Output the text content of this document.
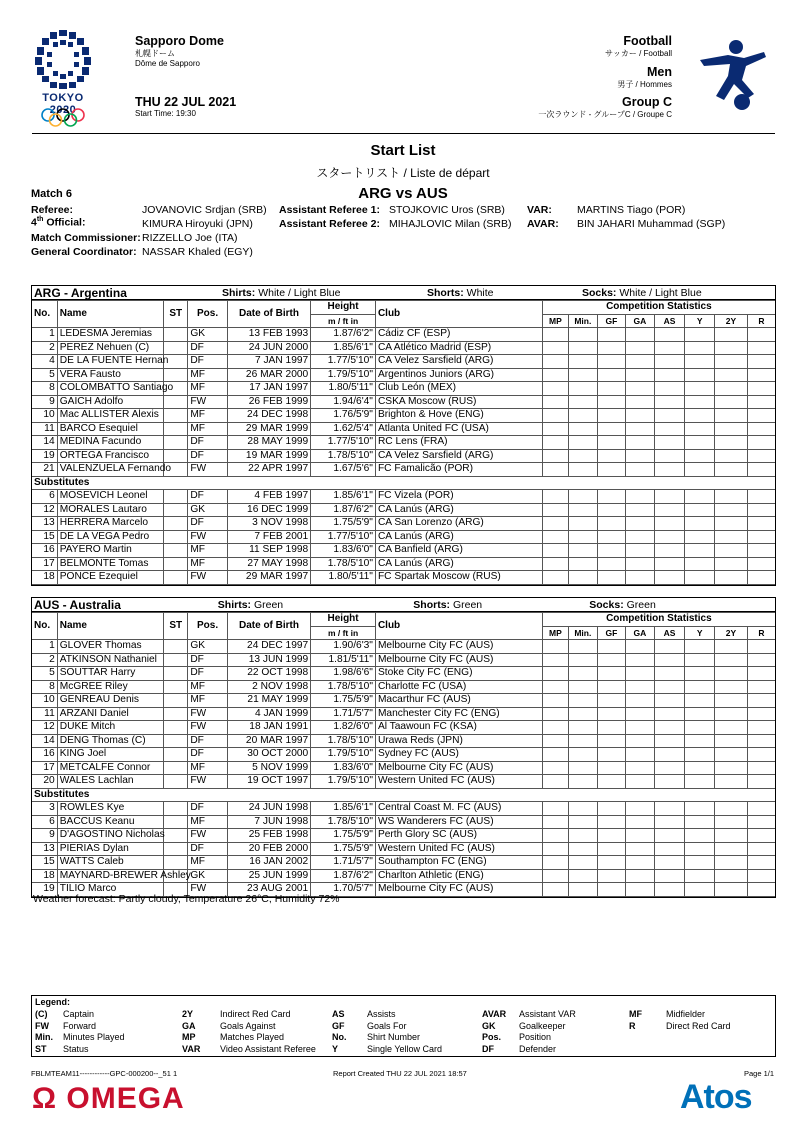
TOKYO 2020
Sapporo Dome
札幌ドーム
Dôme de Sapporo
THU 22 JUL 2021
Start Time: 19:30
Football
サッカー / Football
Men
男子 / Hommes
Group C
一次ラウンド - グループC / Groupe C
Start List
スタートリスト / Liste de départ
Match 6	ARG vs AUS
Referee:	JOVANOVIC Srdjan (SRB)
4th Official:	KIMURA Hiroyuki (JPN)
Assistant Referee 1: STOJKOVIC Uros (SRB)
Assistant Referee 2: MIHAJLOVIC Milan (SRB)
VAR: MARTINS Tiago (POR)
AVAR: BIN JAHARI Muhammad (SGP)
Match Commissioner: RIZZELLO Joe (ITA)
General Coordinator: NASSAR Khaled (EGY)
ARG - Argentina	Shirts: White / Light Blue	Shorts: White	Socks: White / Light Blue
No.	Name	ST	Pos.	Date of Birth	Height	Club	Competition Statistics							
					m / ft in		MP	Min.	GF	GA	AS	Y	2Y	R
1	LEDESMA Jeremias		GK	13 FEB 1993	1.87/6'2"	Cádiz CF (ESP)								
2	PEREZ Nehuen (C)		DF	24 JUN 2000	1.85/6'1"	CA Atlético Madrid (ESP)								
4	DE LA FUENTE Hernan		DF	7 JAN 1997	1.77/5'10"	CA Velez Sarsfield (ARG)								
5	VERA Fausto		MF	26 MAR 2000	1.79/5'10"	Argentinos Juniors (ARG)								
8	COLOMBATTO Santiago		MF	17 JAN 1997	1.80/5'11"	Club León (MEX)								
9	GAICH Adolfo		FW	26 FEB 1999	1.94/6'4"	CSKA Moscow (RUS)								
10	Mac ALLISTER Alexis		MF	24 DEC 1998	1.76/5'9"	Brighton & Hove (ENG)								
11	BARCO Esequiel		MF	29 MAR 1999	1.62/5'4"	Atlanta United FC (USA)								
14	MEDINA Facundo		DF	28 MAY 1999	1.77/5'10"	RC Lens (FRA)								
19	ORTEGA Francisco		DF	19 MAR 1999	1.78/5'10"	CA Velez Sarsfield (ARG)								
21	VALENZUELA Fernando		FW	22 APR 1997	1.67/5'6"	FC Famalicão (POR)								
Substitutes														
6	MOSEVICH Leonel		DF	4 FEB 1997	1.85/6'1"	FC Vizela (POR)								
12	MORALES Lautaro		GK	16 DEC 1999	1.87/6'2"	CA Lanús (ARG)								
13	HERRERA Marcelo		DF	3 NOV 1998	1.75/5'9"	CA San Lorenzo (ARG)								
15	DE LA VEGA Pedro		FW	7 FEB 2001	1.77/5'10"	CA Lanús (ARG)								
16	PAYERO Martin		MF	11 SEP 1998	1.83/6'0"	CA Banfield (ARG)								
17	BELMONTE Tomas		MF	27 MAY 1998	1.78/5'10"	CA Lanús (ARG)								
18	PONCE Ezequiel		FW	29 MAR 1997	1.80/5'11"	FC Spartak Moscow (RUS)								
AUS - Australia	Shirts: Green	Shorts: Green	Socks: Green
No.	Name	ST	Pos.	Date of Birth	Height	Club	Competition Statistics							
					m / ft in		MP	Min.	GF	GA	AS	Y	2Y	R
1	GLOVER Thomas		GK	24 DEC 1997	1.90/6'3"	Melbourne City FC (AUS)								
2	ATKINSON Nathaniel		DF	13 JUN 1999	1.81/5'11"	Melbourne City FC (AUS)								
5	SOUTTAR Harry		DF	22 OCT 1998	1.98/6'6"	Stoke City FC (ENG)								
8	McGREE Riley		MF	2 NOV 1998	1.78/5'10"	Charlotte FC (USA)								
10	GENREAU Denis		MF	21 MAY 1999	1.75/5'9"	Macarthur FC (AUS)								
11	ARZANI Daniel		FW	4 JAN 1999	1.71/5'7"	Manchester City FC (ENG)								
12	DUKE Mitch		FW	18 JAN 1991	1.82/6'0"	Al Taawoun FC (KSA)								
14	DENG Thomas (C)		DF	20 MAR 1997	1.78/5'10"	Urawa Reds (JPN)								
16	KING Joel		DF	30 OCT 2000	1.79/5'10"	Sydney FC (AUS)								
17	METCALFE Connor		MF	5 NOV 1999	1.83/6'0"	Melbourne City FC (AUS)								
20	WALES Lachlan		FW	19 OCT 1997	1.79/5'10"	Western United FC (AUS)								
Substitutes														
3	ROWLES Kye		DF	24 JUN 1998	1.85/6'1"	Central Coast M. FC (AUS)								
6	BACCUS Keanu		MF	7 JUN 1998	1.78/5'10"	WS Wanderers FC (AUS)								
9	D'AGOSTINO Nicholas		FW	25 FEB 1998	1.75/5'9"	Perth Glory SC (AUS)								
13	PIERIAS Dylan		DF	20 FEB 2000	1.75/5'9"	Western United FC (AUS)								
15	WATTS Caleb		MF	16 JAN 2002	1.71/5'7"	Southampton FC (ENG)								
18	MAYNARD-BREWER Ashley		GK	25 JUN 1999	1.87/6'2"	Charlton Athletic (ENG)								
19	TILIO Marco		FW	23 AUG 2001	1.70/5'7"	Melbourne City FC (AUS)								
Weather forecast: Partly cloudy, Temperature 26°C, Humidity 72%
Legend:
(C) Captain
FW Forward
Min. Minutes Played
ST Status
2Y	Indirect Red Card
GA	Goals Against
MP	Matches Played
VAR Video Assistant Referee
AS Assists
GF	Goals For
No. Shirt Number
Y	Single Yellow Card
AVAR Assistant VAR
GK	Goalkeeper
Pos. Position
DF	Defender
MF	Midfielder
R	Direct Red Card
FBLMTEAM11------------GPC-000200--_51 1	Report Created THU 22 JUL 2021 18:57	Page 1/1
Ω OMEGA	Atos
